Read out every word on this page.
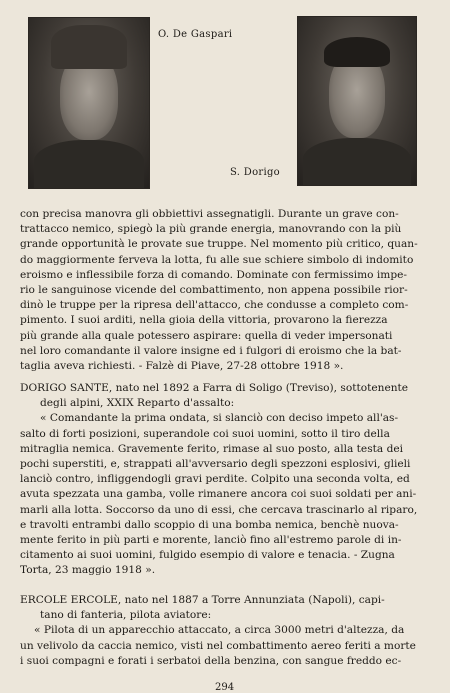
O. De Gaspari
S. Dorigo
con precisa manovra gli obbiettivi assegnatigli. Durante un grave con-
trattacco nemico, spiegò la più grande energia, manovrando con la più
grande opportunità le provate sue truppe. Nel momento più critico, quan-
do maggiormente ferveva la lotta, fu alle sue schiere simbolo di indomito
eroismo e inflessibile forza di comando. Dominate con fermissimo impe-
rio le sanguinose vicende del combattimento, non appena possibile rior-
dinò le truppe per la ripresa dell'attacco, che condusse a completo com-
pimento. I suoi arditi, nella gioia della vittoria, provarono la fierezza
più grande alla quale potessero aspirare: quella di veder impersonati
nel loro comandante il valore insigne ed i fulgori di eroismo che la bat-
taglia aveva richiesti. - Falzè di Piave, 27-28 ottobre 1918 ».
DORIGO SANTE, nato nel 1892 a Farra di Soligo (Treviso), sottotenente
degli alpini, XXIX Reparto d'assalto:
« Comandante la prima ondata, si slanciò con deciso impeto all'as-
salto di forti posizioni, superandole coi suoi uomini, sotto il tiro della
mitraglia nemica. Gravemente ferito, rimase al suo posto, alla testa dei
pochi superstiti, e, strappati all'avversario degli spezzoni esplosivi, glieli
lanciò contro, infliggendogli gravi perdite. Colpito una seconda volta, ed
avuta spezzata una gamba, volle rimanere ancora coi suoi soldati per ani-
marli alla lotta. Soccorso da uno di essi, che cercava trascinarlo al riparo,
e travolti entrambi dallo scoppio di una bomba nemica, benchè nuova-
mente ferito in più parti e morente, lanciò fino all'estremo parole di in-
citamento ai suoi uomini, fulgido esempio di valore e tenacia. - Zugna
Torta, 23 maggio 1918 ».
ERCOLE ERCOLE, nato nel 1887 a Torre Annunziata (Napoli), capi-
tano di fanteria, pilota aviatore:
« Pilota di un apparecchio attaccato, a circa 3000 metri d'altezza, da
un velivolo da caccia nemico, visti nel combattimento aereo feriti a morte
i suoi compagni e forati i serbatoi della benzina, con sangue freddo ec-
294
